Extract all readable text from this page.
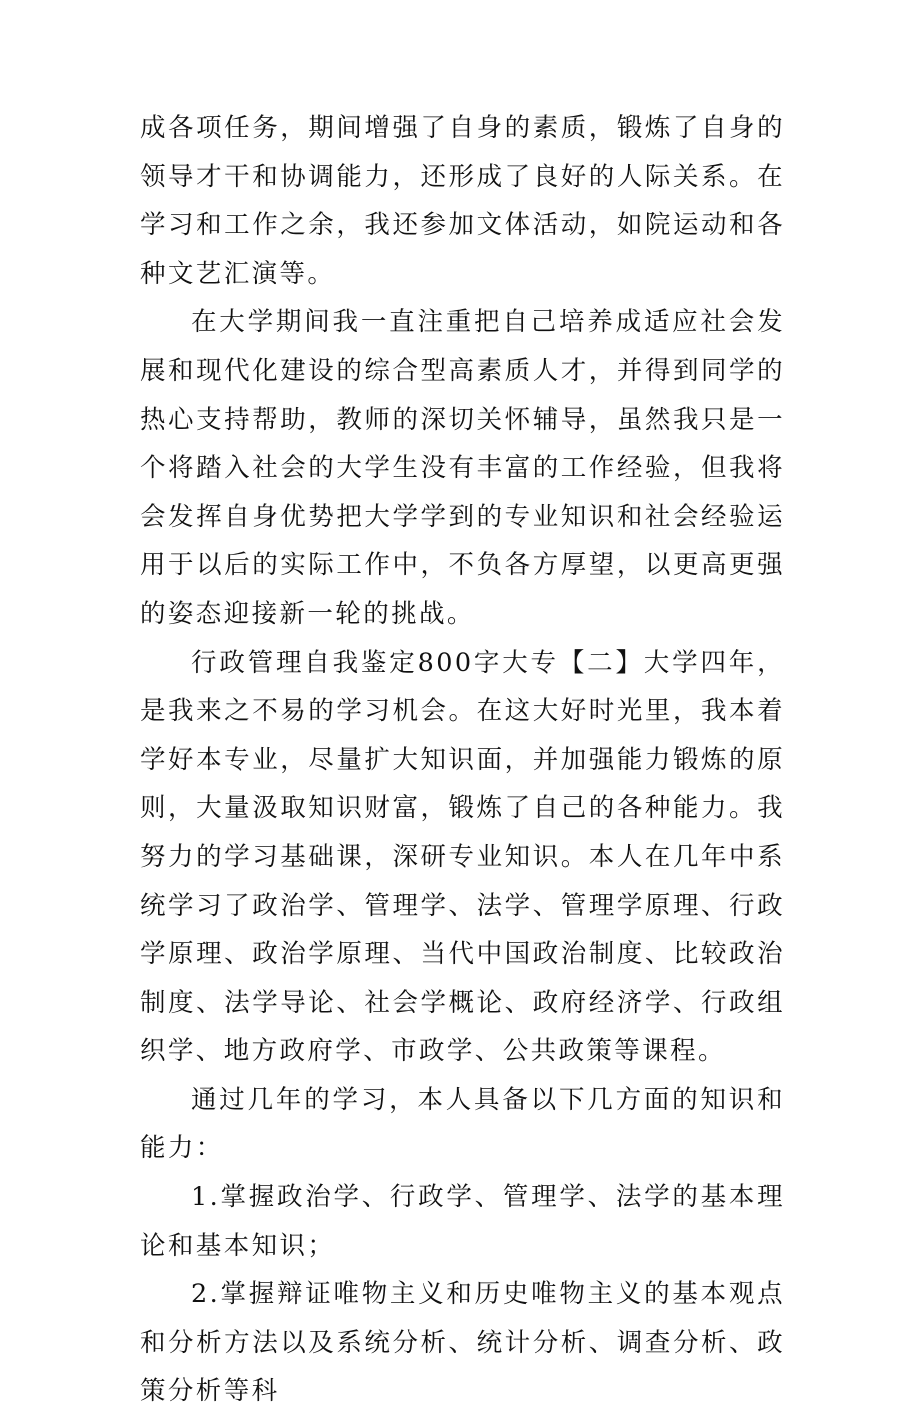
成各项任务，期间增强了自身的素质，锻炼了自身的领导才干和协调能力，还形成了良好的人际关系。在学习和工作之余，我还参加文体活动，如院运动和各种文艺汇演等。

在大学期间我一直注重把自己培养成适应社会发展和现代化建设的综合型高素质人才，并得到同学的热心支持帮助，教师的深切关怀辅导，虽然我只是一个将踏入社会的大学生没有丰富的工作经验，但我将会发挥自身优势把大学学到的专业知识和社会经验运用于以后的实际工作中，不负各方厚望，以更高更强的姿态迎接新一轮的挑战。

行政管理自我鉴定800字大专【二】大学四年，是我来之不易的学习机会。在这大好时光里，我本着学好本专业，尽量扩大知识面，并加强能力锻炼的原则，大量汲取知识财富，锻炼了自己的各种能力。我努力的学习基础课，深研专业知识。本人在几年中系统学习了政治学、管理学、法学、管理学原理、行政学原理、政治学原理、当代中国政治制度、比较政治制度、法学导论、社会学概论、政府经济学、行政组织学、地方政府学、市政学、公共政策等课程。

通过几年的学习，本人具备以下几方面的知识和能力：

1.掌握政治学、行政学、管理学、法学的基本理论和基本知识；

2.掌握辩证唯物主义和历史唯物主义的基本观点和分析方法以及系统分析、统计分析、调查分析、政策分析等科
